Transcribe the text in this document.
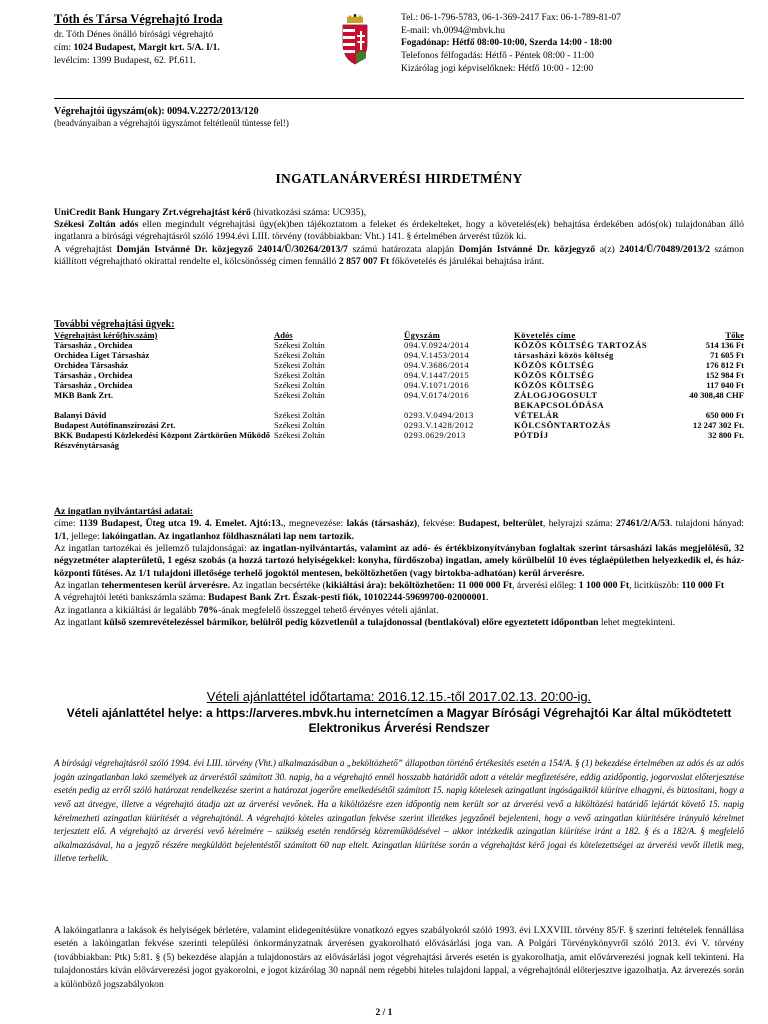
Tóth és Társa Végrehajtó Iroda
dr. Tóth Dénes önálló bírósági végrehajtó
cím: 1024 Budapest, Margit krt. 5/A. I/1.
levélcím: 1399 Budapest, 62. Pf.611.
Tel.: 06-1-796-5783, 06-1-369-2417 Fax: 06-1-789-81-07
E-mail: vh.0094@mbvk.hu
Fogadónap: Hétfő 08:00-10:00, Szerda 14:00 - 18:00
Telefonos félfogadás: Hétfő - Péntek 08:00 - 11:00
Kizárólag jogi képviselőknek: Hétfő 10:00 - 12:00
Végrehajtói ügyszám(ok): 0094.V.2272/2013/120
(beadványaiban a végrehajtói ügyszámot feltétlenül tüntesse fel!)
INGATLANÁRVERÉSI HIRDETMÉNY

UniCredit Bank Hungary Zrt.végrehajtást kérő (hivatkozási száma: UC935),

Székesi Zoltán adós ellen megindult végrehajtási ügy(ek)ben tájékoztatom a feleket és érdekelteket, hogy a követelés(ek) behajtása érdekében adós(ok) tulajdonában álló ingatlanra a bírósági végrehajtásról szóló 1994.évi LIII. törvény (továbbiakban: Vht.) 141. § értelmében árverést tűzök ki.

A végrehajtást Domján Istvánné Dr. közjegyző 24014/Ü/30264/2013/7 számú határozata alapján Domján Istvánné Dr. közjegyző a(z) 24014/Ü/70489/2013/2 számon kiállított végrehajtható okirattal rendelte el, kölcsönösség címen fennálló 2 857 007 Ft főkövetelés és járulékai behajtása iránt.

További végrehajtási ügyek:
Végrehajtást kérő(hiv.szám)	Adós	Ügyszám	Követelés címe	Tőke
Társasház , Orchidea	Székesi Zoltán	094.V.0924/2014	KÖZÖS KÖLTSÉG TARTOZÁS	514 136 Ft
Orchidea Liget Társasház	Székesi Zoltán	094.V.1453/2014	társasházi közös költség	71 605 Ft
Orchidea Társasház	Székesi Zoltán	094.V.3686/2014	KÖZÖS KÖLTSÉG	176 812 Ft
Társasház , Orchidea	Székesi Zoltán	094.V.1447/2015	KÖZÖS KÖLTSÉG	152 984 Ft
Társasház , Orchidea	Székesi Zoltán	094.V.1071/2016	KÖZÖS KÖLTSÉG	117 040 Ft
MKB Bank Zrt.	Székesi Zoltán	094.V.0174/2016	ZÁLOGJOGOSULT BEKAPCSOLÓDÁSA	40 308,48 CHF
Balanyi Dávid	Székesi Zoltán	0293.V.0494/2013	VÉTELÁR	650 000 Ft
Budapest Autófinanszírozási Zrt.	Székesi Zoltán	0293.V.1428/2012	KÖLCSÖNTARTOZÁS	12 247 302 Ft.
BKK Budapesti Közlekedési Központ Zártkörűen Működő Részvénytársaság	Székesi Zoltán	0293.0629/2013	PÓTDÍJ	32 800 Ft.
Az ingatlan nyilvántartási adatai:
címe: 1139 Budapest, Üteg utca 19. 4. Emelet. Ajtó:13., megnevezése: lakás (társasház), fekvése: Budapest, belterület, helyrajzi száma: 27461/2/A/53. tulajdoni hányad: 1/1, jellege: lakóingatlan. Az ingatlanhoz földhasználati lap nem tartozik.
Az ingatlan tartozékai és jellemző tulajdonságai: az ingatlan-nyilvántartás, valamint az adó- és értékbizonyítványban foglaltak szerint társasházi lakás megjelölésű, 32 négyzetméter alapterületű, 1 egész szobás (a hozzá tartozó helyiségekkel: konyha, fürdőszoba) ingatlan, amely körülbelül 10 éves téglaépületben helyezkedik el, és ház-központi fűtéses. Az 1/1 tulajdoni illetősége terhelő jogoktól mentesen, beköltözhetően (vagy birtokba-adhatóan) kerül árverésre.
Az ingatlan tehermentesen kerül árverésre. Az ingatlan becsértéke (kikiáltási ára): beköltözhetően: 11 000 000 Ft, árverési előleg: 1 100 000 Ft, licitküszöb: 110 000 Ft
A végrehajtói letéti bankszámla száma: Budapest Bank Zrt. Észak-pesti fiók, 10102244-59699700-02000001.
Az ingatlanra a kikiáltási ár legalább 70%-ának megfelelő összeggel tehető érvényes vételi ajánlat.
Az ingatlant külső szemrevételezéssel bármikor, belülről pedig közvetlenül a tulajdonossal (bentlakóval) előre egyeztetett időpontban lehet megtekinteni.
Vételi ajánlattétel időtartama: 2016.12.15.-től 2017.02.13. 20:00-ig.
Vételi ajánlattétel helye: a https://arveres.mbvk.hu internetcímen a Magyar Bírósági Végrehajtói Kar által működtetett Elektronikus Árverési Rendszer
A bírósági végrehajtásról szóló 1994. évi LIII. törvény (Vht.) alkalmazásában a „beköltözhető” állapotban történő értékesítés esetén a 154/A. § (1) bekezdése értelmében az adós és az adós jogán azingatlanban lakó személyek az árveréstől számított 30. napig, ha a végrehajtó ennél hosszabb határidőt adott a vételár megfizetésére, eddig azidőpontig, jogorvoslat előterjesztése esetén pedig az erről szóló határozat rendelkezése szerint a határozat jogerőre emelkedésétől számított 15. napig kötelesek azingatlant ingóságaiktól kiürítve elhagyni, és biztosítani, hogy a vevő azt átvegye, illetve a végrehajtó átadja azt az árverési vevőnek. Ha a kiköltözésre ezen időpontig nem került sor az árverési vevő a kiköltözési határidő lejártát követő 15. napig kérelmezheti azingatlan kiürítését a végrehajtónál. A végrehajtó köteles azingatlan fekvése szerint illetékes jegyzőnél bejelenteni, hogy a vevő azingatlan kiürítésére irányuló kérelmet terjesztett elő. A végrehajtó az árverési vevő kérelmére – szükség esetén rendőrség közreműködésével – akkor intézkedik azingatlan kiürítése iránt a 182. § és a 182/A. § megfelelő alkalmazásával, ha a jegyző részére megküldött bejelentéstől számított 60 nap eltelt. Azingatlan kiürítése során a végrehajtást kérő jogai és kötelezettségei az árverési vevőt illetik meg, illetve terhelik.
A lakóingatlanra a lakások és helyiségek bérletére, valamint elidegenítésükre vonatkozó egyes szabályokról szóló 1993. évi LXXVIII. törvény 85/F. § szerinti feltételek fennállása esetén a lakóingatlan fekvése szerinti települési önkormányzatnak árverésen gyakorolható elővásárlási joga van. A Polgári Törvénykönyvről szóló 2013. évi V. törvény (továbbiakban: Ptk) 5:81. § (5) bekezdése alapján a tulajdonostárs az elővásárlási jogot végrehajtási árverés esetén is gyakorolhatja, amit elővárverezési jognak kell tekinteni. Ha tulajdonostárs kíván elővárverezési jogot gyakorolni, e jogot kizárólag 30 napnál nem régebbi hiteles tulajdoni lappal, a végrehajtónál előterjesztve igazolhatja. Az árverezés során a különböző jogszabályokon
2 / 1
